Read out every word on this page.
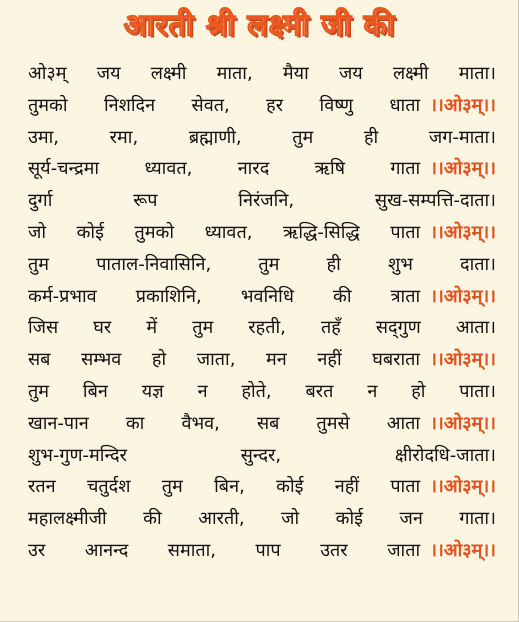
आरती श्री लक्ष्मी जी की
ओ३म् जय लक्ष्मी माता, मैया जय लक्ष्मी माता।
तुमको निशदिन सेवत, हर विष्णु धाता ।।ओ३म्।।
उमा,	रमा,	ब्रह्माणी,	तुम	ही	जग-माता।
सूर्य-चन्द्रमा	ध्यावत,	नारद	ऋषि	गाता ।।ओ३म्।।
दुर्गा	रूप	निरंजनि,	सुख-सम्पत्ति-दाता।
जो कोई तुमको ध्यावत, ऋद्धि-सिद्धि पाता ।।ओ३म्।।
तुम	पाताल-निवासिनि,	तुम	ही	शुभ	दाता।
कर्म-प्रभाव प्रकाशिनि, भवनिधि की त्राता ।।ओ३म्।।
जिस घर में तुम रहती, तहँ सद्‌गुण आता।
सब सम्भव हो जाता, मन नहीं घबराता ।।ओ३म्।।
तुम बिन यज्ञ न होते, बरत न हो पाता।
खान-पान का वैभव, सब तुमसे आता ।।ओ३म्।।
शुभ-गुण-मन्दिर	सुन्दर,	क्षीरोदधि-जाता।
रतन चतुर्दश तुम बिन, कोई नहीं पाता ।।ओ३म्।।
महालक्ष्मीजी की आरती, जो कोई जन गाता।
उर आनन्द समाता, पाप उतर जाता ।।ओ३म्।।
